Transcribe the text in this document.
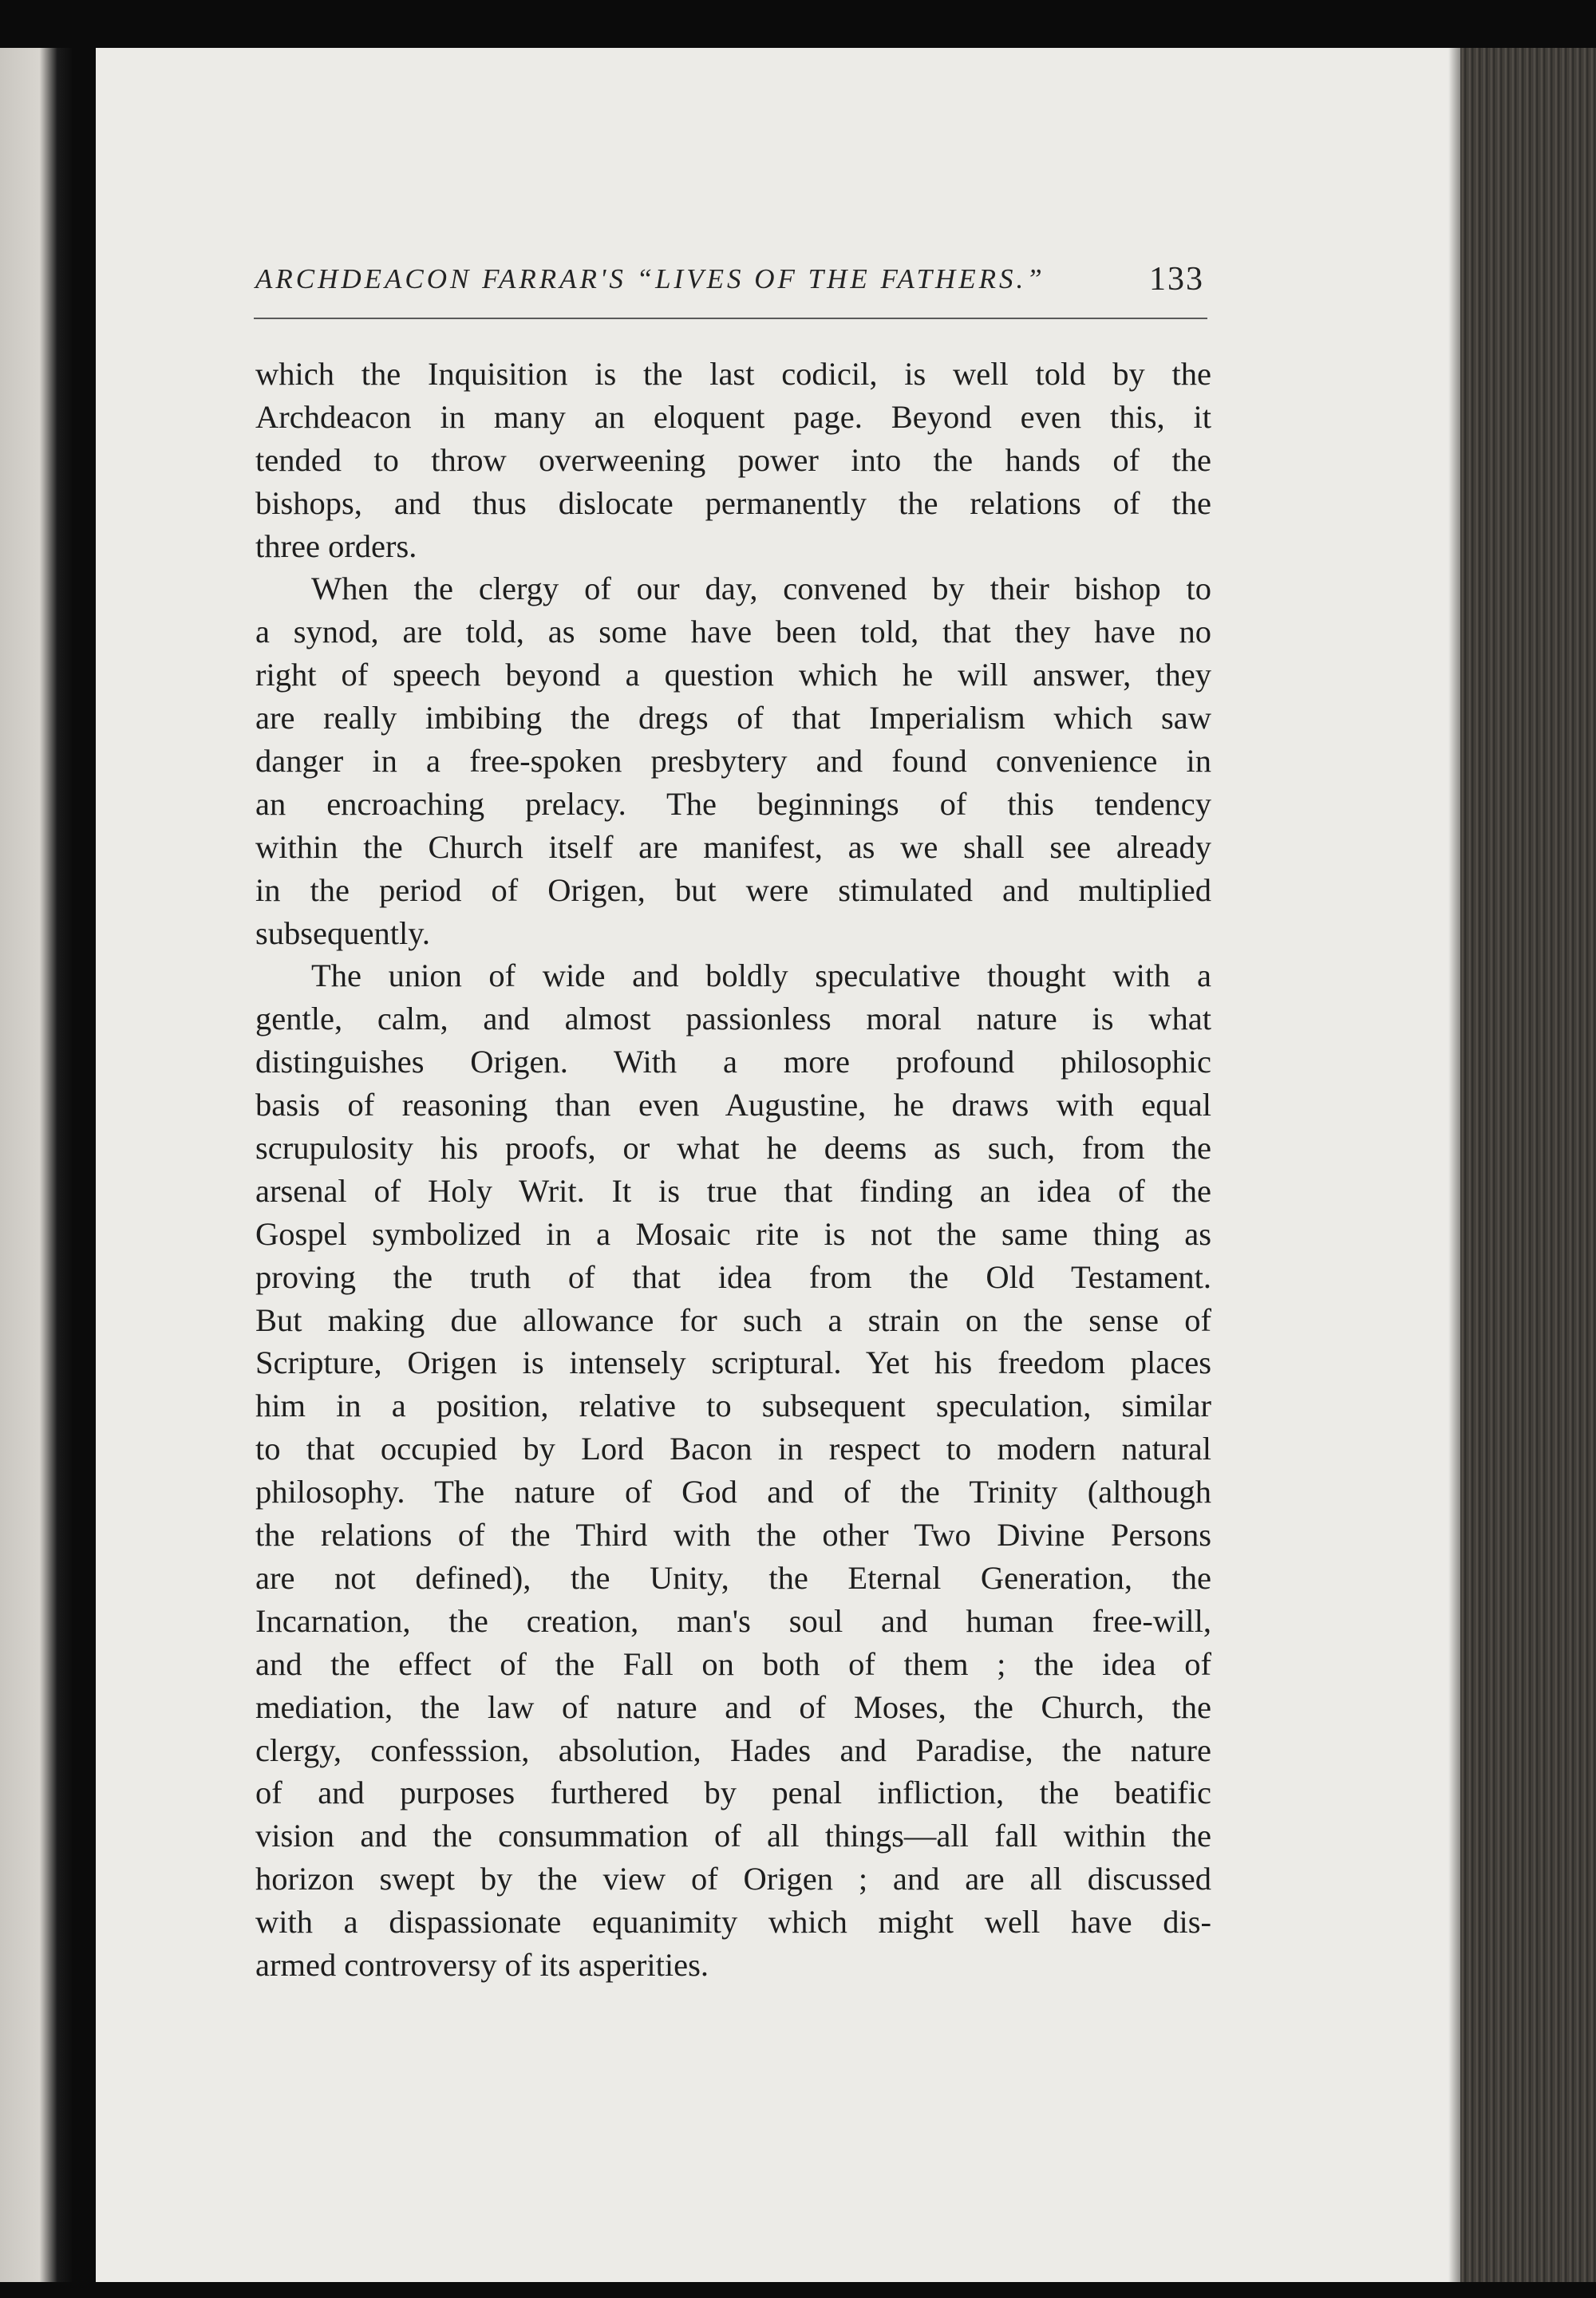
ARCHDEACON FARRAR'S “LIVES OF THE FATHERS.”	133
which the Inquisition is the last codicil, is well told by the
Archdeacon in many an eloquent page. Beyond even this, it
tended to throw overweening power into the hands of the
bishops, and thus dislocate permanently the relations of the
three orders.
When the clergy of our day, convened by their bishop to
a synod, are told, as some have been told, that they have no
right of speech beyond a question which he will answer, they
are really imbibing the dregs of that Imperialism which saw
danger in a free-spoken presbytery and found convenience in
an encroaching prelacy. The beginnings of this tendency
within the Church itself are manifest, as we shall see already
in the period of Origen, but were stimulated and multiplied
subsequently.
The union of wide and boldly speculative thought with a
gentle, calm, and almost passionless moral nature is what
distinguishes Origen. With a more profound philosophic
basis of reasoning than even Augustine, he draws with equal
scrupulosity his proofs, or what he deems as such, from the
arsenal of Holy Writ. It is true that finding an idea of the
Gospel symbolized in a Mosaic rite is not the same thing as
proving the truth of that idea from the Old Testament.
But making due allowance for such a strain on the sense of
Scripture, Origen is intensely scriptural. Yet his freedom places
him in a position, relative to subsequent speculation, similar
to that occupied by Lord Bacon in respect to modern natural
philosophy. The nature of God and of the Trinity (although
the relations of the Third with the other Two Divine Persons
are not defined), the Unity, the Eternal Generation, the
Incarnation, the creation, man's soul and human free-will,
and the effect of the Fall on both of them ; the idea of
mediation, the law of nature and of Moses, the Church, the
clergy, confesssion, absolution, Hades and Paradise, the nature
of and purposes furthered by penal infliction, the beatific
vision and the consummation of all things—all fall within the
horizon swept by the view of Origen ; and are all discussed
with a dispassionate equanimity which might well have dis-
armed controversy of its asperities.
